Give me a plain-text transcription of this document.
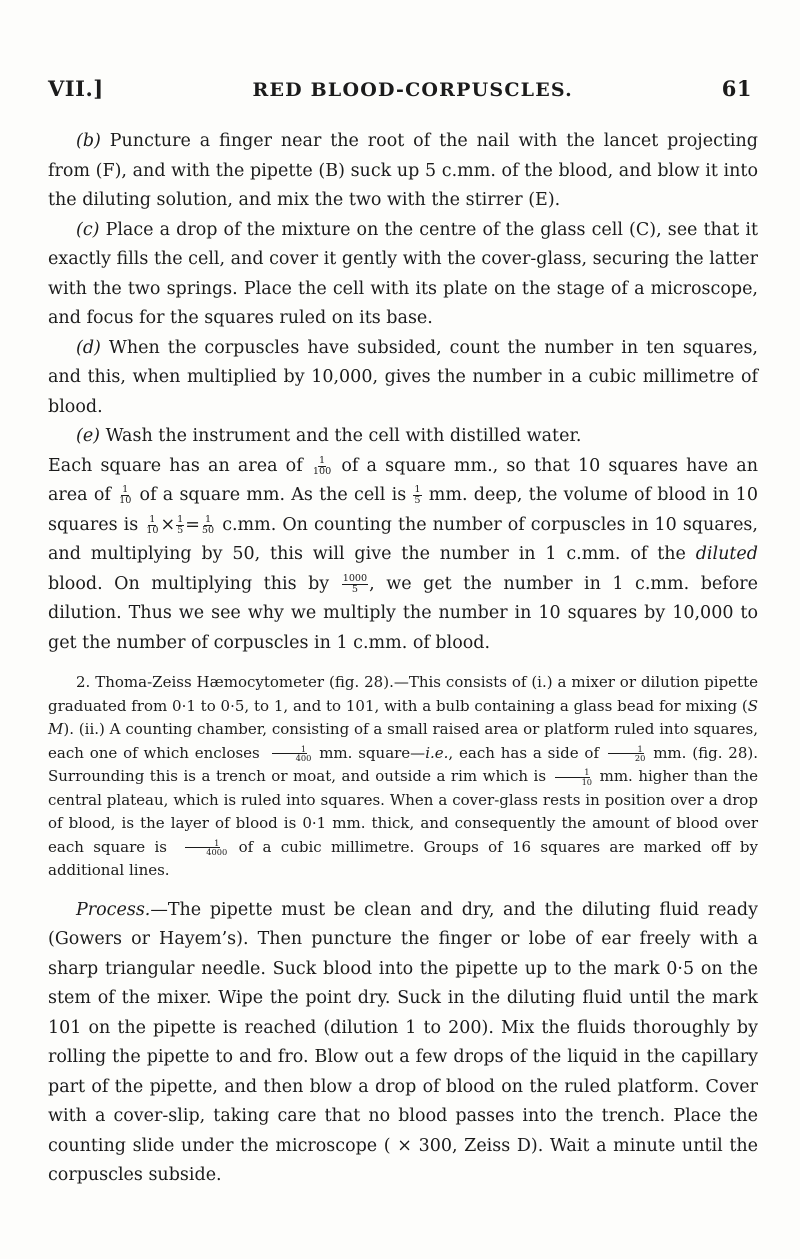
VII.]	RED BLOOD-CORPUSCLES.	61

(b) Puncture a finger near the root of the nail with the lancet projecting from (F), and with the pipette (B) suck up 5 c.mm. of the blood, and blow it into the diluting solution, and mix the two with the stirrer (E).

(c) Place a drop of the mixture on the centre of the glass cell (C), see that it exactly fills the cell, and cover it gently with the cover-glass, securing the latter with the two springs. Place the cell with its plate on the stage of a microscope, and focus for the squares ruled on its base.

(d) When the corpuscles have subsided, count the number in ten squares, and this, when multiplied by 10,000, gives the number in a cubic millimetre of blood.

(e) Wash the instrument and the cell with distilled water.

Each square has an area of $\frac{1}{100}$ of a square mm., so that 10 squares have an area of $\frac{1}{10}$ of a square mm. As the cell is $\frac{1}{5}$ mm. deep, the volume of blood in 10 squares is $\frac{1}{10} \times \frac{1}{5} = \frac{1}{50} c.mm$. On counting the number of corpuscles in 10 squares, and multiplying by 50, this will give the number in 1 c.mm. of the diluted blood. On multiplying this by $\frac{1000}{5}$ , we get the number in 1 c.mm. before dilution. Thus we see why we multiply the number in 10 squares by 10,000 to get the number of corpuscles in 1 c.mm. of blood.

2. Thoma-Zeiss Hæmocytometer (fig. 28).—This consists of (i.) a mixer or dilution pipette graduated from 0·1 to 0·5, to 1, and to 101, with a bulb containing a glass bead for mixing (S M). (ii.) A counting chamber, consisting of a small raised area or platform ruled into squares, each one of which encloses $\frac{1}{400}$ mm. square—i.e., each has a side of $\frac{1}{20}$ mm. (fig. 28). Surrounding this is a trench or moat, and outside a rim which is $\frac{1}{10}$ mm. higher than the central plateau, which is ruled into squares. When a cover-glass rests in position over a drop of blood, is the layer of blood is 0·1 mm. thick, and consequently the amount of blood over each square is $\frac{1}{4000}$ of a cubic millimetre. Groups of 16 squares are marked off by additional lines.

Process.—The pipette must be clean and dry, and the diluting fluid ready (Gowers or Hayem’s). Then puncture the finger or lobe of ear freely with a sharp triangular needle. Suck blood into the pipette up to the mark 0·5 on the stem of the mixer. Wipe the point dry. Suck in the diluting fluid until the mark 101 on the pipette is reached (dilution 1 to 200). Mix the fluids thoroughly by rolling the pipette to and fro. Blow out a few drops of the liquid in the capillary part of the pipette, and then blow a drop of blood on the ruled platform. Cover with a cover-slip, taking care that no blood passes into the trench. Place the counting slide under the microscope ( × 300, Zeiss D). Wait a minute until the corpuscles subside.
